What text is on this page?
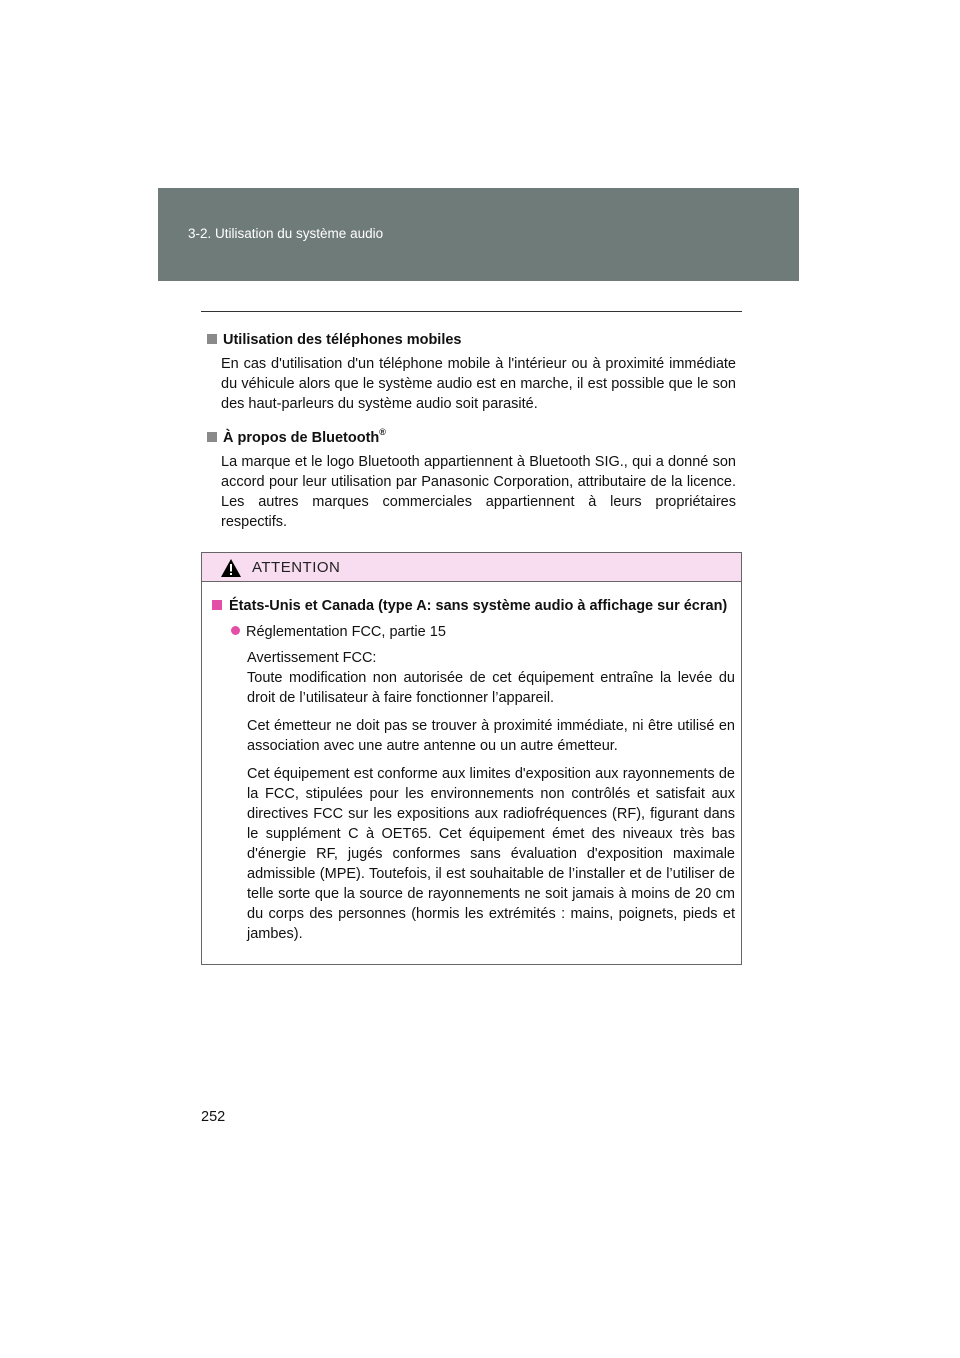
3-2. Utilisation du système audio
Utilisation des téléphones mobiles
En cas d'utilisation d'un téléphone mobile à l'intérieur ou à proximité immédiate du véhicule alors que le système audio est en marche, il est possible que le son des haut-parleurs du système audio soit parasité.
À propos de Bluetooth®
La marque et le logo Bluetooth appartiennent à Bluetooth SIG., qui a donné son accord pour leur utilisation par Panasonic Corporation, attributaire de la licence. Les autres marques commerciales appartiennent à leurs propriétaires respectifs.
ATTENTION
États-Unis et Canada (type A: sans système audio à affichage sur écran)
Réglementation FCC, partie 15
Avertissement FCC:
Toute modification non autorisée de cet équipement entraîne la levée du droit de l’utilisateur à faire fonctionner l’appareil.
Cet émetteur ne doit pas se trouver à proximité immédiate, ni être utilisé en association avec une autre antenne ou un autre émetteur.
Cet équipement est conforme aux limites d'exposition aux rayonnements de la FCC, stipulées pour les environnements non contrôlés et satisfait aux directives FCC sur les expositions aux radiofréquences (RF), figurant dans le supplément C à OET65. Cet équipement émet des niveaux très bas d'énergie RF, jugés conformes sans évaluation d'exposition maximale admissible (MPE). Toutefois, il est souhaitable de l’installer et de l’utiliser de telle sorte que la source de rayonnements ne soit jamais à moins de 20 cm du corps des personnes (hormis les extrémités : mains, poignets, pieds et jambes).
252
